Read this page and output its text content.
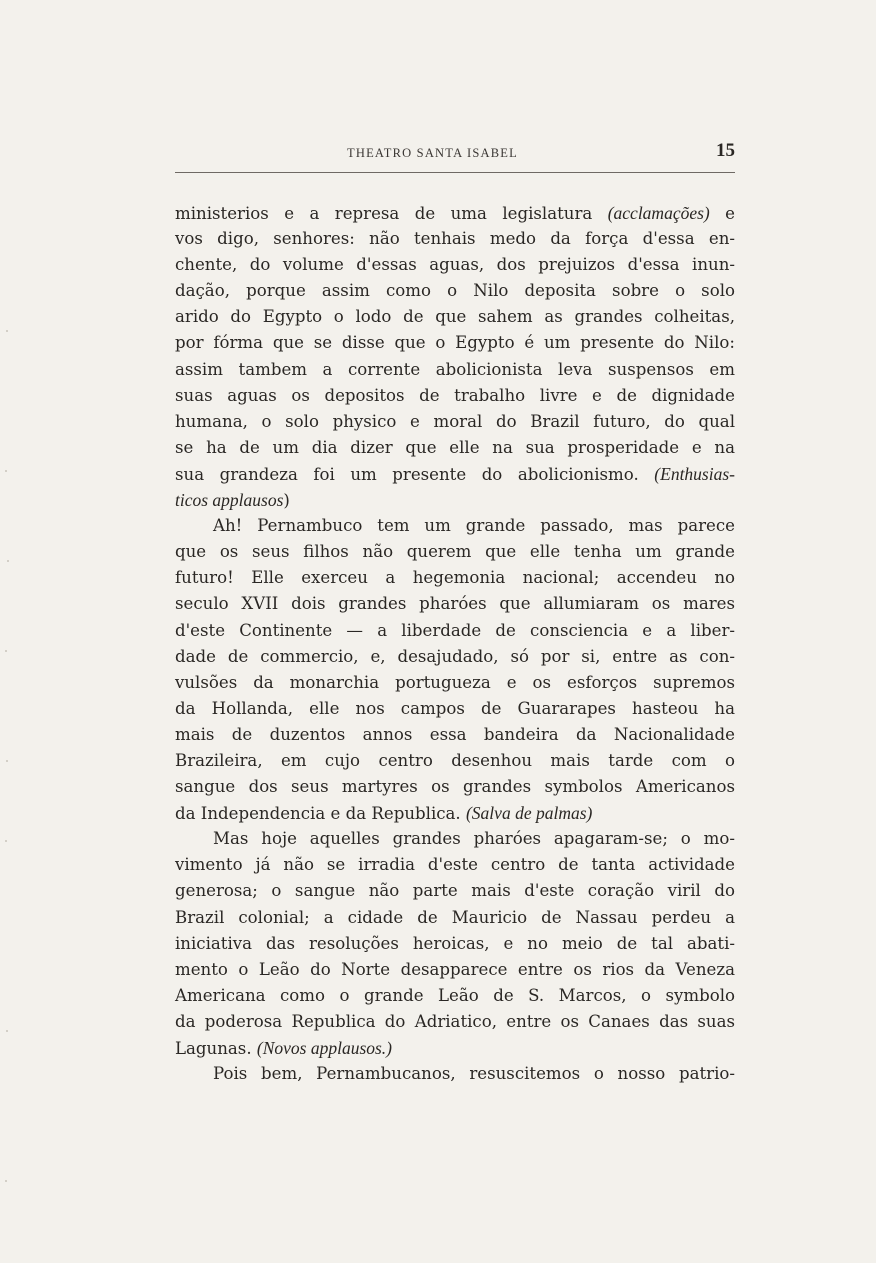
THEATRO SANTA ISABEL	15
ministerios e a represa de uma legislatura (acclamações) e
vos digo, senhores: não tenhais medo da força d'essa en-
chente, do volume d'essas aguas, dos prejuizos d'essa inun-
dação, porque assim como o Nilo deposita sobre o solo
arido do Egypto o lodo de que sahem as grandes colheitas,
por fórma que se disse que o Egypto é um presente do Nilo:
assim tambem a corrente abolicionista leva suspensos em
suas aguas os depositos de trabalho livre e de dignidade
humana, o solo physico e moral do Brazil futuro, do qual
se ha de um dia dizer que elle na sua prosperidade e na
sua grandeza foi um presente do abolicionismo. (Enthusias-
ticos applausos)
Ah! Pernambuco tem um grande passado, mas parece
que os seus filhos não querem que elle tenha um grande
futuro! Elle exerceu a hegemonia nacional; accendeu no
seculo XVII dois grandes pharóes que allumiaram os mares
d'este Continente — a liberdade de consciencia e a liber-
dade de commercio, e, desajudado, só por si, entre as con-
vulsões da monarchia portugueza e os esforços supremos
da Hollanda, elle nos campos de Guararapes hasteou ha
mais de duzentos annos essa bandeira da Nacionalidade
Brazileira, em cujo centro desenhou mais tarde com o
sangue dos seus martyres os grandes symbolos Americanos
da Independencia e da Republica. (Salva de palmas)
Mas hoje aquelles grandes pharóes apagaram-se; o mo-
vimento já não se irradia d'este centro de tanta actividade
generosa; o sangue não parte mais d'este coração viril do
Brazil colonial; a cidade de Mauricio de Nassau perdeu a
iniciativa das resoluções heroicas, e no meio de tal abati-
mento o Leão do Norte desapparece entre os rios da Veneza
Americana como o grande Leão de S. Marcos, o symbolo
da poderosa Republica do Adriatico, entre os Canaes das suas
Lagunas. (Novos applausos.)
Pois bem, Pernambucanos, resuscitemos o nosso patrio-
